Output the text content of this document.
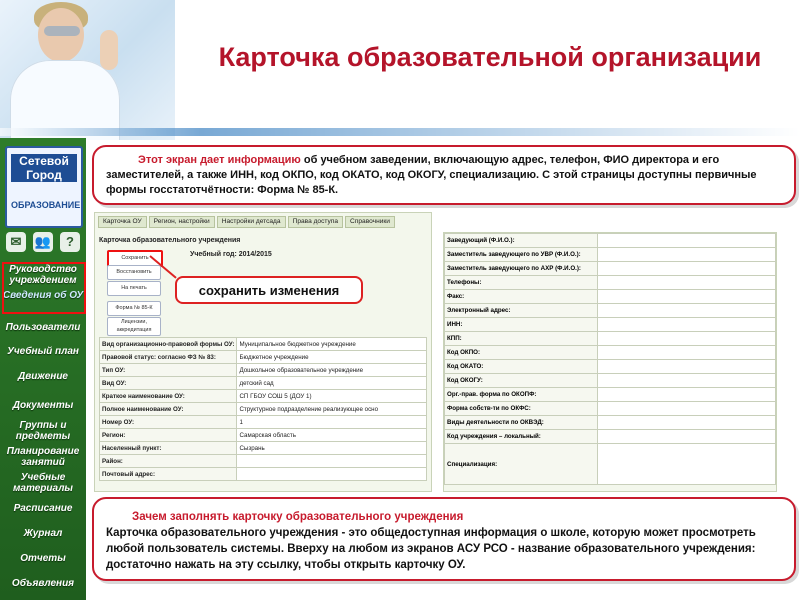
Карточка образовательной организации
Сетевой Город
ОБРАЗОВАНИЕ
✉	👥	?
Руководство учреждением
Сведения об ОУ
Пользователи
Учебный план
Движение
Документы
Группы и предметы
Планирование занятий
Учебные материалы
Расписание
Журнал
Отчеты
Объявления
Этот экран дает информацию об учебном заведении, включающую адрес, телефон, ФИО директора и его заместителей, а также ИНН, код ОКПО, код ОКАТО, код ОКОГУ, специализацию. С этой страницы доступны первичные формы госстатотчётности: Форма № 85-К.
Карточка ОУ	Регион, настройки	Настройки детсада	Права доступа	Справочники
Карточка образовательного учреждения
Учебный год: 2014/2015
Сохранить
Восстановить
На печать
Форма № 85-К
Лицензии, аккредитация
Вид организационно-правовой формы ОУ:	Муниципальное бюджетное учреждение
Правовой статус: согласно ФЗ № 83:	Бюджетное учреждение
Тип ОУ:	Дошкольное образовательное учреждение
Вид ОУ:	детский сад
Краткое наименование ОУ:	СП ГБОУ СОШ 5 (ДОУ 1)
Полное наименование ОУ:	Структурное подразделение реализующее осно
Номер ОУ:	1
Регион:	Самарская область
Населенный пункт:	Сызрань
Район:	
Почтовый адрес:	
Заведующий (Ф.И.О.):	
Заместитель заведующего по УВР (Ф.И.О.):	
Заместитель заведующего по АХР (Ф.И.О.):	
Телефоны:	
Факс:	
Электронный адрес:	
ИНН:	
КПП:	
Код ОКПО:	
Код ОКАТО:	
Код ОКОГУ:	
Орг.-прав. форма по ОКОПФ:	
Форма собств-ти по ОКФС:	
Виды деятельности по ОКВЭД:	
Код учреждения – локальный:	
Специализация:	
сохранить изменения
Зачем заполнять карточку образовательного учреждения
Карточка образовательного учреждения - это общедоступная информация о школе, которую может просмотреть любой пользователь системы. Вверху на любом из экранов АСУ РСО - название образовательного учреждения: достаточно нажать на эту ссылку, чтобы открыть карточку ОУ.
